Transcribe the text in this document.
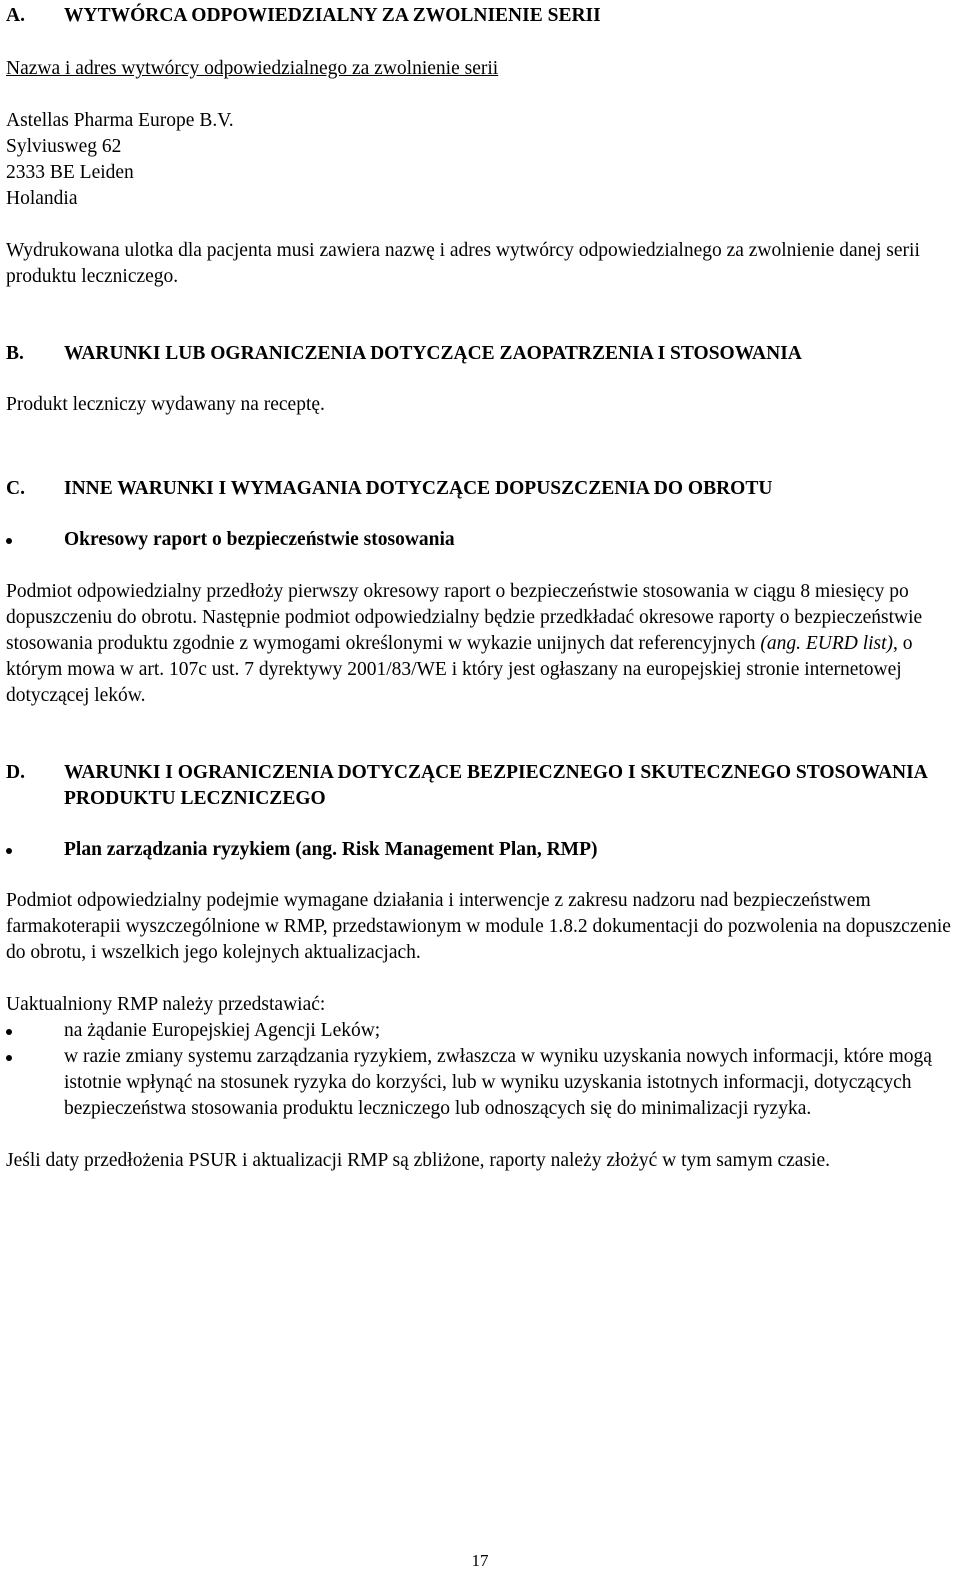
A.	WYTWÓRCA ODPOWIEDZIALNY ZA ZWOLNIENIE SERII

Nazwa i adres wytwórcy odpowiedzialnego za zwolnienie serii

Astellas Pharma Europe B.V.

Sylviusweg 62

2333 BE Leiden

Holandia

Wydrukowana ulotka dla pacjenta musi zawiera nazwę i adres wytwórcy odpowiedzialnego za zwolnienie danej serii produktu leczniczego.

B.	WARUNKI LUB OGRANICZENIA DOTYCZĄCE ZAOPATRZENIA I STOSOWANIA

Produkt leczniczy wydawany na receptę.

C.	INNE WARUNKI I WYMAGANIA DOTYCZĄCE DOPUSZCZENIA DO OBROTU
Okresowy raport o bezpieczeństwie stosowania

Podmiot odpowiedzialny przedłoży pierwszy okresowy raport o bezpieczeństwie stosowania w ciągu 8 miesięcy po dopuszczeniu do obrotu. Następnie podmiot odpowiedzialny będzie przedkładać okresowe raporty o bezpieczeństwie stosowania produktu zgodnie z wymogami określonymi w wykazie unijnych dat referencyjnych (ang. EURD list), o którym mowa w art. 107c ust. 7 dyrektywy 2001/83/WE i który jest ogłaszany na europejskiej stronie internetowej dotyczącej leków.

D.	WARUNKI I OGRANICZENIA DOTYCZĄCE BEZPIECZNEGO I SKUTECZNEGO STOSOWANIA PRODUKTU LECZNICZEGO
Plan zarządzania ryzykiem (ang. Risk Management Plan, RMP)

Podmiot odpowiedzialny podejmie wymagane działania i interwencje z zakresu nadzoru nad bezpieczeństwem farmakoterapii wyszczególnione w RMP, przedstawionym w module 1.8.2 dokumentacji do pozwolenia na dopuszczenie do obrotu, i wszelkich jego kolejnych aktualizacjach.

Uaktualniony RMP należy przedstawiać:

na żądanie Europejskiej Agencji Leków;
w razie zmiany systemu zarządzania ryzykiem, zwłaszcza w wyniku uzyskania nowych informacji, które mogą istotnie wpłynąć na stosunek ryzyka do korzyści, lub w wyniku uzyskania istotnych informacji, dotyczących bezpieczeństwa stosowania produktu leczniczego lub odnoszących się do minimalizacji ryzyka.

Jeśli daty przedłożenia PSUR i aktualizacji RMP są zbliżone, raporty należy złożyć w tym samym czasie.

17
